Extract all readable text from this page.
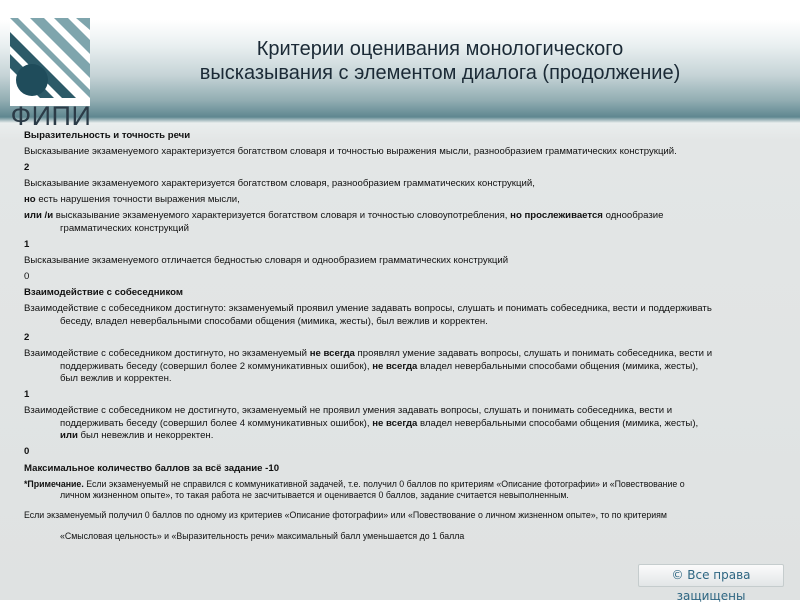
ФИПИ
Критерии оценивания монологического
высказывания с элементом диалога (продолжение)

Выразительность и точность речи

Высказывание экзаменуемого характеризуется богатством словаря и точностью выражения мысли, разнообразием грамматических конструкций.

2

Высказывание экзаменуемого характеризуется богатством словаря, разнообразием грамматических конструкций,

но есть нарушения точности выражения мысли,

или /и высказывание экзаменуемого характеризуется богатством словаря и точностью словоупотребления, но прослеживается однообразие грамматических конструкций

1

Высказывание экзаменуемого отличается бедностью словаря и однообразием грамматических конструкций

0

Взаимодействие с собеседником

Взаимодействие с собеседником достигнуто: экзаменуемый проявил умение задавать вопросы, слушать и понимать собеседника, вести и поддерживать беседу, владел невербальными способами общения (мимика, жесты), был вежлив и корректен.

2

Взаимодействие с собеседником достигнуто, но экзаменуемый не всегда проявлял умение задавать вопросы, слушать и понимать собеседника, вести и поддерживать беседу (совершил более 2 коммуникативных ошибок), не всегда владел невербальными способами общения (мимика, жесты), был вежлив и корректен.

1

Взаимодействие с собеседником не достигнуто, экзаменуемый не проявил умения задавать вопросы, слушать и понимать собеседника, вести и поддерживать беседу (совершил более 4 коммуникативных ошибок), не всегда владел невербальными способами общения (мимика, жесты), или был невежлив и некорректен.

0

Максимальное количество баллов за всё задание -10

*Примечание. Если экзаменуемый не справился с коммуникативной задачей, т.е. получил 0 баллов по критериям «Описание фотографии» и «Повествование о личном жизненном опыте», то такая работа не засчитывается и оценивается 0 баллов, задание считается невыполненным.

Если экзаменуемый получил 0 баллов по одному из критериев «Описание фотографии» или «Повествование о личном жизненном опыте», то по критериям «Смысловая цельность» и «Выразительность речи» максимальный балл уменьшается до 1 балла

© Все права защищены
